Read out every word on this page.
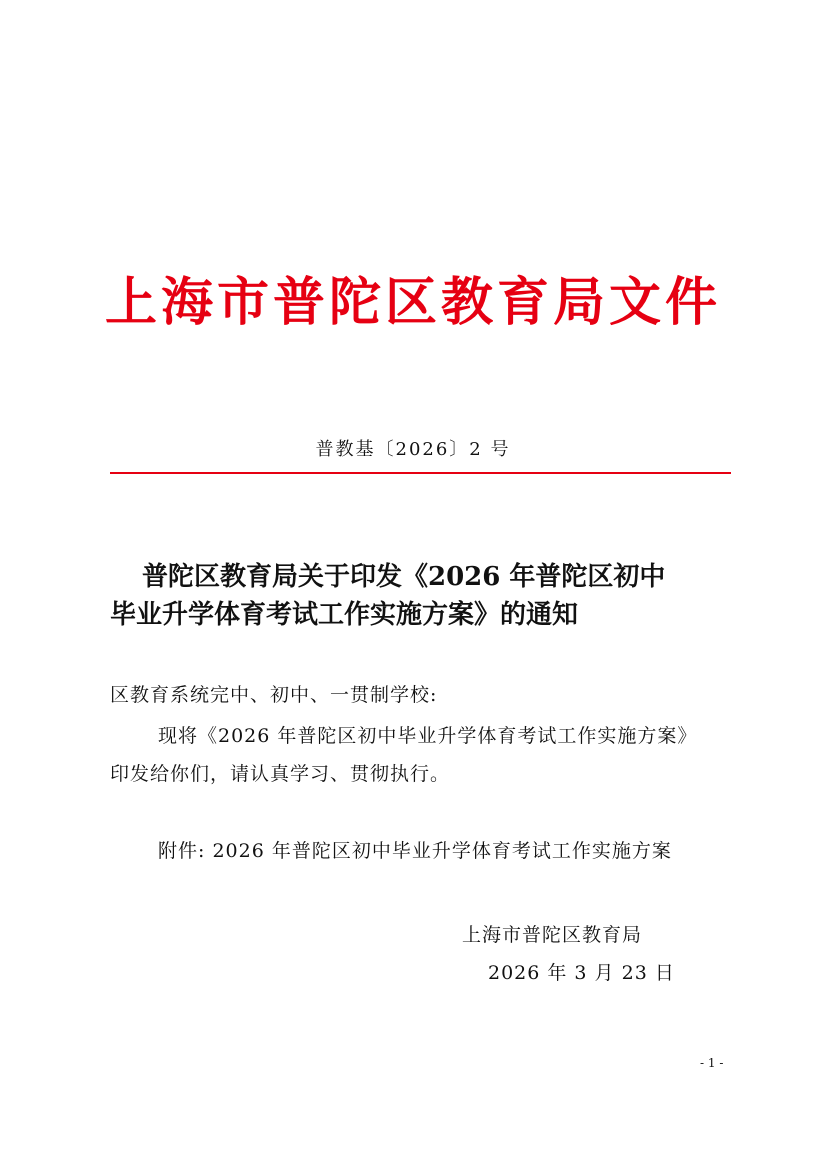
上海市普陀区教育局文件
普教基〔2026〕2 号
普陀区教育局关于印发《2026 年普陀区初中
毕业升学体育考试工作实施方案》的通知
区教育系统完中、初中、一贯制学校:
现将《2026 年普陀区初中毕业升学体育考试工作实施方案》
印发给你们，请认真学习、贯彻执行。
附件: 2026 年普陀区初中毕业升学体育考试工作实施方案
上海市普陀区教育局
2026 年 3 月 23 日
- 1 -
